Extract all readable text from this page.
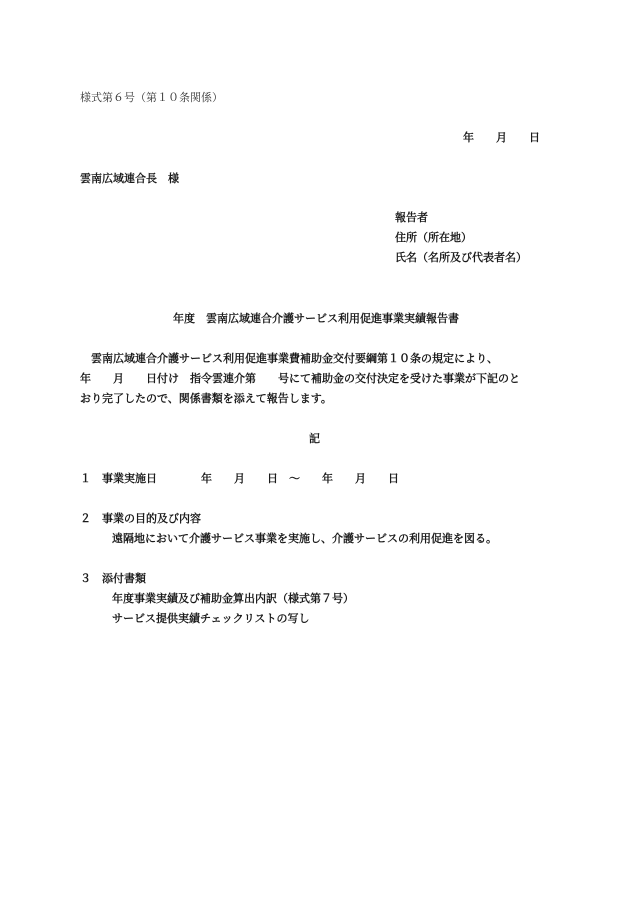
様式第６号（第１０条関係）
年　　月　　日
雲南広域連合長　様
報告者
住所（所在地）
氏名（名所及び代表者名）
年度　雲南広域連合介護サービス利用促進事業実績報告書
　雲南広域連合介護サービス利用促進事業費補助金交付要綱第１０条の規定により、
年　　月　　日付け　指令雲連介第　　号にて補助金の交付決定を受けた事業が下記のと
おり完了したので、関係書類を添えて報告します。
記
１　事業実施日　　　　年　　月　　日　〜　　年　　月　　日
２　事業の目的及び内容
遠隔地において介護サービス事業を実施し、介護サービスの利用促進を図る。
３　添付書類
年度事業実績及び補助金算出内訳（様式第７号）
サービス提供実績チェックリストの写し
